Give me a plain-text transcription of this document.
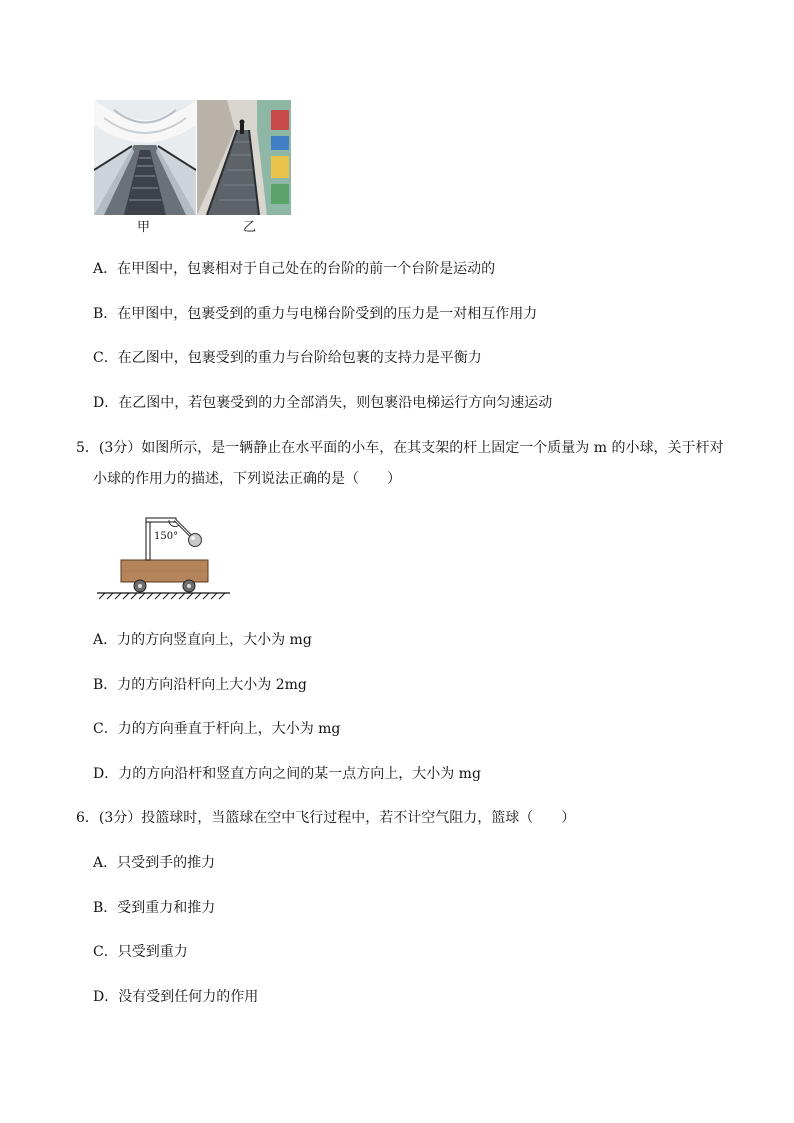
甲	乙
A．在甲图中，包裹相对于自己处在的台阶的前一个台阶是运动的
B．在甲图中，包裹受到的重力与电梯台阶受到的压力是一对相互作用力
C．在乙图中，包裹受到的重力与台阶给包裹的支持力是平衡力
D．在乙图中，若包裹受到的力全部消失，则包裹沿电梯运行方向匀速运动
5．(3分）如图所示，是一辆静止在水平面的小车，在其支架的杆上固定一个质量为 m 的小球，关于杆对
小球的作用力的描述，下列说法正确的是（　　）
150°
A．力的方向竖直向上，大小为 mg
B．力的方向沿杆向上大小为 2mg
C．力的方向垂直于杆向上，大小为 mg
D．力的方向沿杆和竖直方向之间的某一点方向上，大小为 mg
6．(3分）投篮球时，当篮球在空中飞行过程中，若不计空气阻力，篮球（　　）
A．只受到手的推力
B．受到重力和推力
C．只受到重力
D．没有受到任何力的作用
